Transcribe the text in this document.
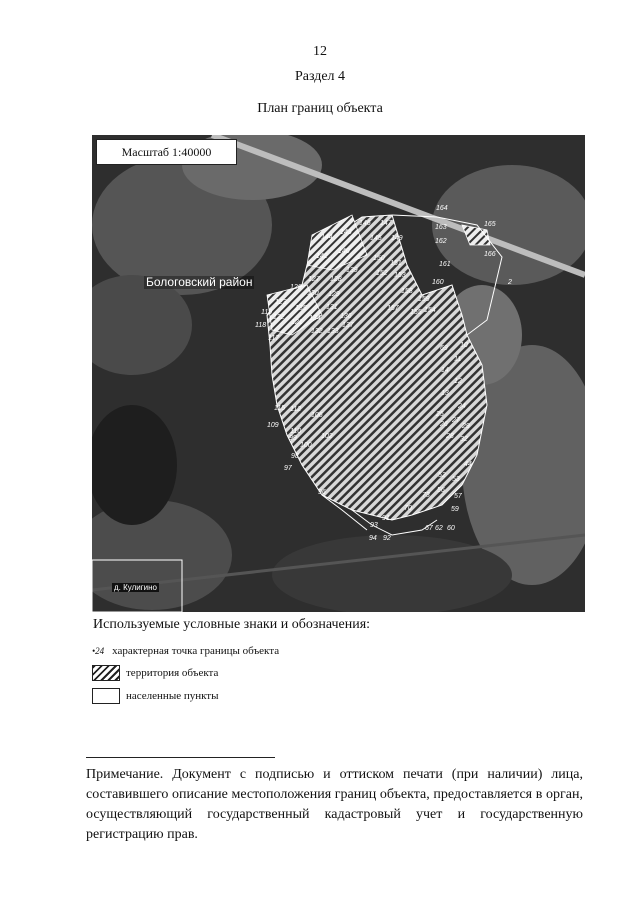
12
Раздел 4
План границ объекта
Бологовский район
д. Кулигино
164
165
163
162
166
146 147
145
144	149
143
142
140
150
151
139	152 153
161
160
127 128
126
130 129	158
159
123
131
135
134	136
157
155 154
119
118
122
121
132 133
137
117
69 10
11
14
12
13
115 112
106
109
110
102
99
100
98
97
96
24
26
27
25
29
28 32
44
52
53
57
56
59
70
73
91
92
94
93	67 62 60
2
Масштаб 1:40000
Используемые условные знаки и обозначения:
•24 характерная точка границы объекта
территория объекта
населенные пункты
Примечание. Документ с подписью и оттиском печати (при наличии) лица, составившего описание местоположения границ объекта, предоставляется в орган, осуществляющий государственный кадастровый учет и государственную регистрацию прав.
